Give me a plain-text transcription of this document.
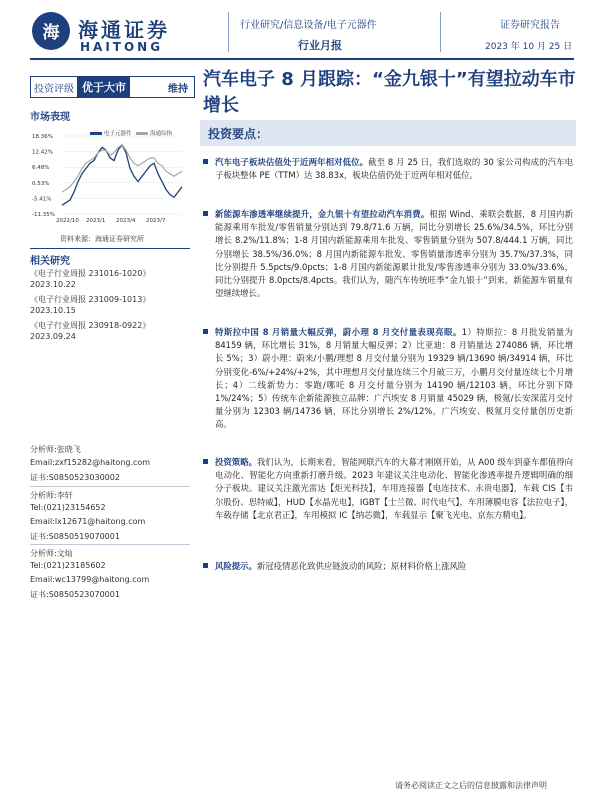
海 海通证券
HAITONG
行业研究/信息设备/电子元器件
行业月报
证券研究报告
2023 年 10 月 25 日
投资评级 优于大市	维持
市场表现
18.36%
12.42%
6.48%
0.53%
-5.41%
-11.35%
2022/10 2023/1 2023/4 2023/7
电子元器件	海通综指
资料来源：海通证券研究所
相关研究
《电子行业周报 231016-1020》
2023.10.22
《电子行业周报 231009-1013》
2023.10.15
《电子行业周报 230918-0922》
2023.09.24
分析师:张晓飞
Email:zxf15282@haitong.com
证书:S0850523030002
分析师:李轩
Tel:(021)23154652
Email:lx12671@haitong.com
证书:S0850519070001
分析师:文灿
Tel:(021)23185602
Email:wc13799@haitong.com
证书:S0850523070001
汽车电子 8 月跟踪：“金九银十”有望拉动车市增长
投资要点：
汽车电子板块估值处于近两年相对低位。截至 8 月 25 日，我们选取的 30 家公司构成的汽车电子板块整体 PE（TTM）达 38.83x，板块估值仍处于近两年相对低位。
新能源车渗透率继续提升，金九银十有望拉动汽车消费。根据 Wind、乘联会数据，8 月国内新能源乘用车批发/零售销量分别达到 79.8/71.6 万辆，同比分别增长 25.6%/34.5%，环比分别增长 8.2%/11.8%；1-8 月国内新能源乘用车批发、零售销量分别为 507.8/444.1 万辆，同比分别增长 38.5%/36.0%；8 月国内新能源车批发、零售销量渗透率分别为 35.7%/37.3%，同比分别提升 5.5pcts/9.0pcts；1-8 月国内新能源累计批发/零售渗透率分别为 33.0%/33.6%，同比分别提升 8.0pcts/8.4pcts。我们认为，随汽车传统旺季“金九银十”到来，新能源车销量有望继续增长。
特斯拉中国 8 月销量大幅反弹，蔚小理 8 月交付量表现亮眼。1）特斯拉：8 月批发销量为 84159 辆，环比增长 31%，8 月销量大幅反弹；2）比亚迪：8 月销量达 274086 辆，环比增长 5%；3）蔚小理：蔚来/小鹏/理想 8 月交付量分别为 19329 辆/13690 辆/34914 辆，环比分别变化-6%/+24%/+2%，其中理想月交付量连续三个月破三万，小鹏月交付量连续七个月增长；4）二线新势力：零跑/哪吒 8 月交付量分别为 14190 辆/12103 辆，环比分别下降 1%/24%；5）传统车企新能源独立品牌：广汽埃安 8 月销量 45029 辆，极氪/长安深蓝月交付量分别为 12303 辆/14736 辆，环比分别增长 2%/12%，广汽埃安、极氪月交付量创历史新高。
投资策略。我们认为，长期来看，智能网联汽车的大幕才刚刚开始，从 A00 级车到豪车都值得向电动化、智能化方向重新打磨升级。2023 年建议关注电动化、智能化渗透率提升逻辑明确的细分子板块。建议关注激光雷达【炬光科技】，车用连接器【电连技术、永贵电器】，车载 CIS【韦尔股份、思特威】，HUD【水晶光电】，IGBT【士兰微、时代电气】，车用薄膜电容【法拉电子】，车载存储【北京君正】，车用模拟 IC【纳芯微】，车载显示【聚飞光电、京东方精电】。
风险提示。新冠疫情恶化致供应链波动的风险；原材料价格上涨风险
请务必阅读正文之后的信息披露和法律声明
